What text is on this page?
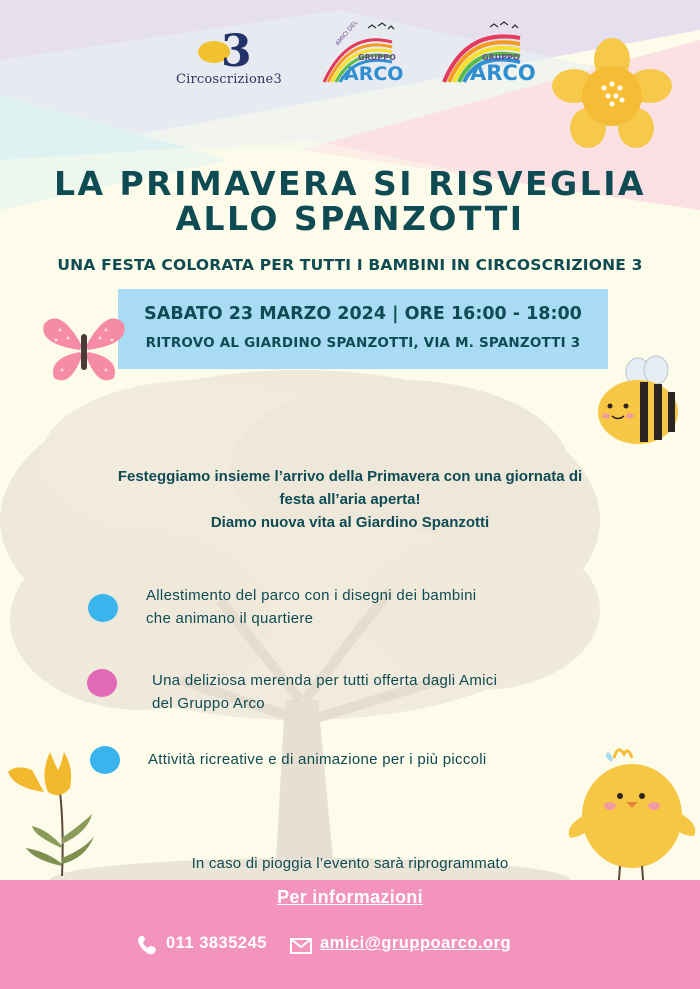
3
Circoscrizione3
AMICI DEL
GRUPPO
ARCO
GRUPPO
ARCO
LA PRIMAVERA SI RISVEGLIA
ALLO SPANZOTTI
UNA FESTA COLORATA PER TUTTI I BAMBINI IN CIRCOSCRIZIONE 3
SABATO 23 MARZO 2024 | ORE 16:00 - 18:00
RITROVO AL GIARDINO SPANZOTTI, VIA M. SPANZOTTI 3
Festeggiamo insieme l’arrivo della Primavera con una giornata di
festa all’aria aperta!
Diamo nuova vita al Giardino Spanzotti
Allestimento del parco con i disegni dei bambini
che animano il quartiere
Una deliziosa merenda per tutti offerta dagli Amici
del Gruppo Arco
Attività ricreative e di animazione per i più piccoli
In caso di pioggia l’evento sarà riprogrammato
Per informazioni
011 3835245	amici@gruppoarco.org
